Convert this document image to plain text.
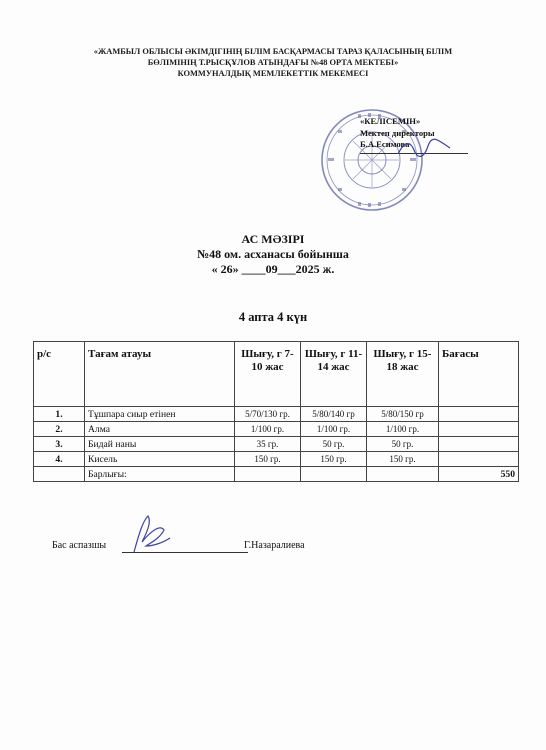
«ЖАМБЫЛ ОБЛЫСЫ ӘКІМДІГІНІҢ БІЛІМ БАСҚАРМАСЫ ТАРАЗ ҚАЛАСЫНЫҢ БІЛІМ
БӨЛІМІНІҢ Т.РЫСҚҰЛОВ АТЫНДАҒЫ №48 ОРТА МЕКТЕБІ»
КОММУНАЛДЫҚ МЕМЛЕКЕТТІК МЕКЕМЕСІ
«КЕЛІСЕМІН»
Мектеп директоры
Б.А.Есимова
АС МӘЗІРІ
№48 ом. асханасы бойынша
« 26» ____09___2025 ж.
4 апта 4 күн
р/с	Тағам атауы	Шығу, г 7-10 жас	Шығу, г 11-14 жас	Шығу, г 15-18 жас	Бағасы
1.	Тұшпара сиыр етінен	5/70/130 гр.	5/80/140 гр	5/80/150 гр	
2.	Алма	1/100 гр.	1/100 гр.	1/100 гр.	
3.	Бидай наны	35 гр.	50 гр.	50 гр.	
4.	Кисель	150 гр.	150 гр.	150 гр.	
	Барлығы:				550
Бас аспазшы	Г.Назаралиева
